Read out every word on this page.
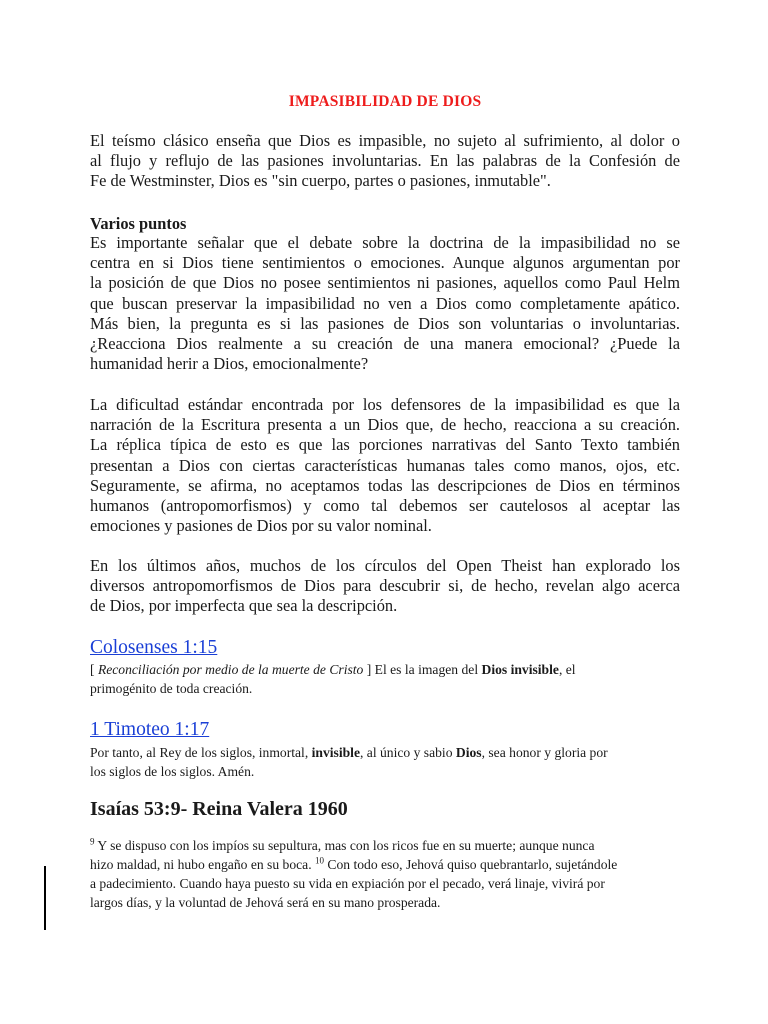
IMPASIBILIDAD DE DIOS
El teísmo clásico enseña que Dios es impasible, no sujeto al sufrimiento, al dolor o
al flujo y reflujo de las pasiones involuntarias. En las palabras de la Confesión de
Fe de Westminster, Dios es "sin cuerpo, partes o pasiones, inmutable".
Varios puntos
Es importante señalar que el debate sobre la doctrina de la impasibilidad no se
centra en si Dios tiene sentimientos o emociones. Aunque algunos argumentan por
la posición de que Dios no posee sentimientos ni pasiones, aquellos como Paul Helm
que buscan preservar la impasibilidad no ven a Dios como completamente apático.
Más bien, la pregunta es si las pasiones de Dios son voluntarias o involuntarias.
¿Reacciona Dios realmente a su creación de una manera emocional? ¿Puede la
humanidad herir a Dios, emocionalmente?
La dificultad estándar encontrada por los defensores de la impasibilidad es que la
narración de la Escritura presenta a un Dios que, de hecho, reacciona a su creación.
La réplica típica de esto es que las porciones narrativas del Santo Texto también
presentan a Dios con ciertas características humanas tales como manos, ojos, etc.
Seguramente, se afirma, no aceptamos todas las descripciones de Dios en términos
humanos (antropomorfismos) y como tal debemos ser cautelosos al aceptar las
emociones y pasiones de Dios por su valor nominal.
En los últimos años, muchos de los círculos del Open Theist han explorado los
diversos antropomorfismos de Dios para descubrir si, de hecho, revelan algo acerca
de Dios, por imperfecta que sea la descripción.
Colosenses 1:15
[ Reconciliación por medio de la muerte de Cristo ] El es la imagen del Dios invisible, el
primogénito de toda creación.
1 Timoteo 1:17
Por tanto, al Rey de los siglos, inmortal, invisible, al único y sabio Dios, sea honor y gloria por
los siglos de los siglos. Amén.
Isaías 53:9- Reina Valera 1960
$^9$ Y se dispuso con los impíos su sepultura, mas con los ricos fue en su muerte; aunque nunca
hizo maldad, ni hubo engaño en su boca. $^{10}$ Con todo eso, Jehová quiso quebrantarlo, sujetándole
a padecimiento. Cuando haya puesto su vida en expiación por el pecado, verá linaje, vivirá por
largos días, y la voluntad de Jehová será en su mano prosperada.
